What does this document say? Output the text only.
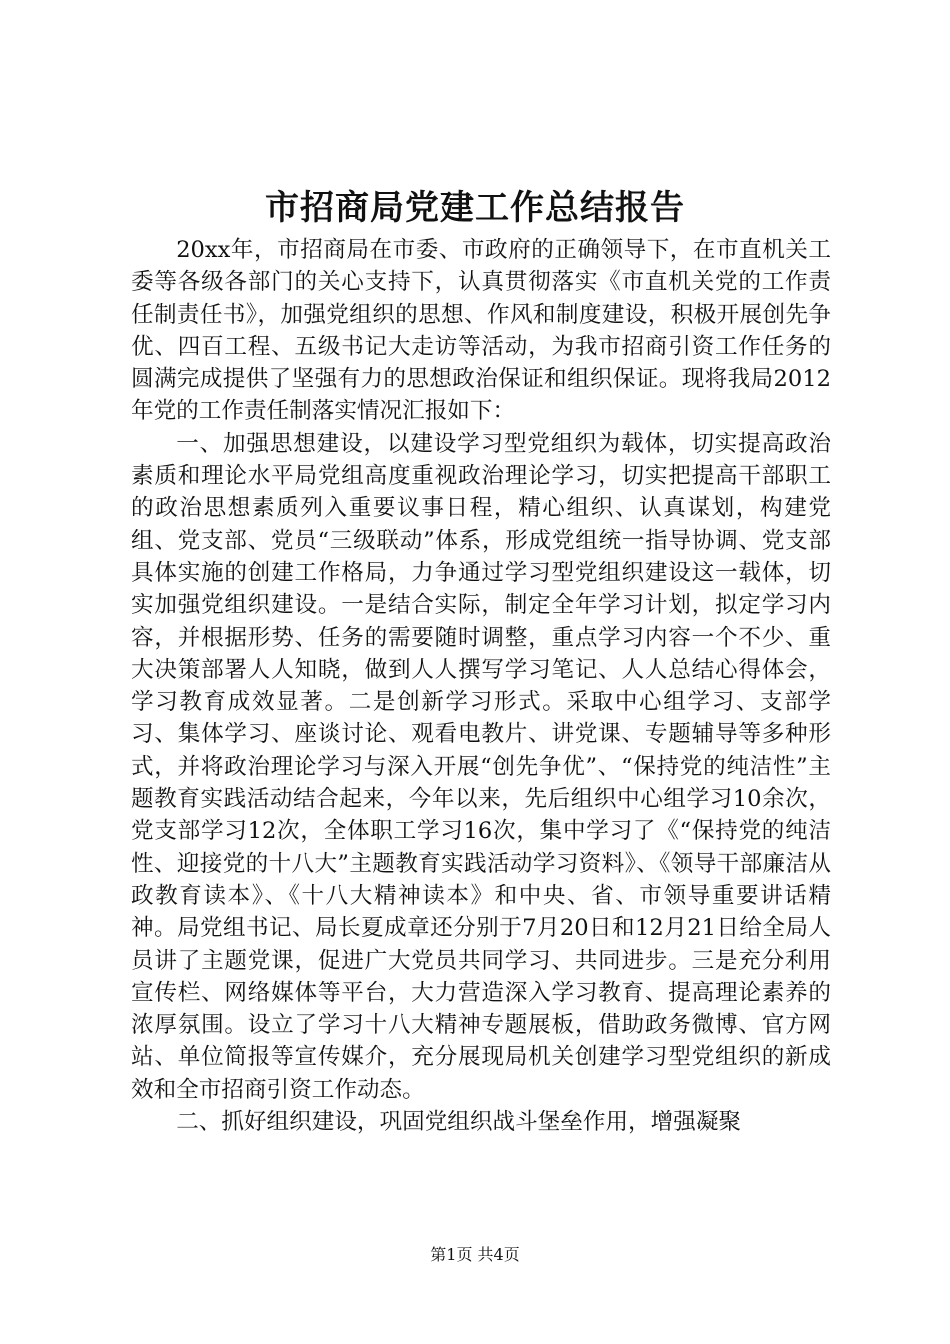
市招商局党建工作总结报告

20xx年，市招商局在市委、市政府的正确领导下，在市直机关工委等各级各部门的关心支持下，认真贯彻落实《市直机关党的工作责任制责任书》，加强党组织的思想、作风和制度建设，积极开展创先争优、四百工程、五级书记大走访等活动，为我市招商引资工作任务的圆满完成提供了坚强有力的思想政治保证和组织保证。现将我局2012年党的工作责任制落实情况汇报如下：

一、加强思想建设，以建设学习型党组织为载体，切实提高政治素质和理论水平局党组高度重视政治理论学习，切实把提高干部职工的政治思想素质列入重要议事日程，精心组织、认真谋划，构建党组、党支部、党员“三级联动”体系，形成党组统一指导协调、党支部具体实施的创建工作格局，力争通过学习型党组织建设这一载体，切实加强党组织建设。一是结合实际，制定全年学习计划，拟定学习内容，并根据形势、任务的需要随时调整，重点学习内容一个不少、重大决策部署人人知晓，做到人人撰写学习笔记、人人总结心得体会，学习教育成效显著。二是创新学习形式。采取中心组学习、支部学习、集体学习、座谈讨论、观看电教片、讲党课、专题辅导等多种形式，并将政治理论学习与深入开展“创先争优”、“保持党的纯洁性”主题教育实践活动结合起来，今年以来，先后组织中心组学习10余次，党支部学习12次，全体职工学习16次，集中学习了《“保持党的纯洁性、迎接党的十八大”主题教育实践活动学习资料》、《领导干部廉洁从政教育读本》、《十八大精神读本》和中央、省、市领导重要讲话精神。局党组书记、局长夏成章还分别于7月20日和12月21日给全局人员讲了主题党课，促进广大党员共同学习、共同进步。三是充分利用宣传栏、网络媒体等平台，大力营造深入学习教育、提高理论素养的浓厚氛围。设立了学习十八大精神专题展板，借助政务微博、官方网站、单位简报等宣传媒介，充分展现局机关创建学习型党组织的新成效和全市招商引资工作动态。

二、抓好组织建设，巩固党组织战斗堡垒作用，增强凝聚

第1页 共4页
